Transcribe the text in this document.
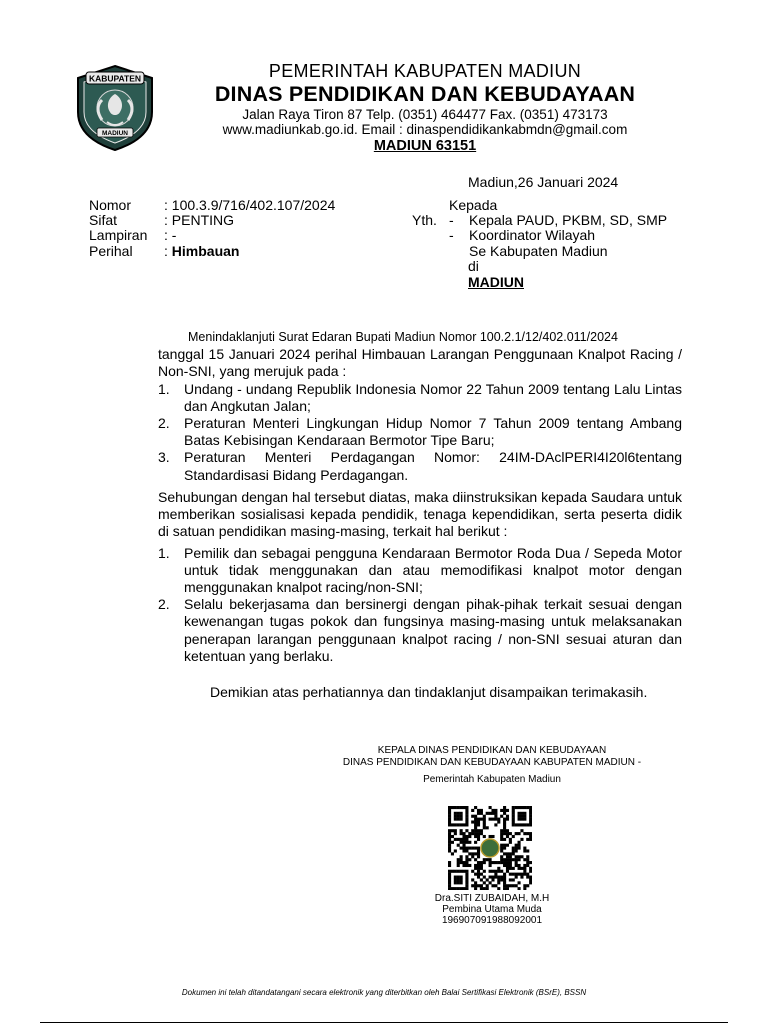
KABUPATEN
MADIUN
PEMERINTAH KABUPATEN MADIUN
DINAS PENDIDIKAN DAN KEBUDAYAAN
Jalan Raya Tiron 87 Telp. (0351) 464477 Fax. (0351) 473173
www.madiunkab.go.id. Email : dinaspendidikankabmdn@gmail.com
MADIUN 63151
Madiun,26 Januari 2024
Nomor	: 100.3.9/716/402.107/2024
Sifat	: PENTING
Lampiran	: -
Perihal	: Himbauan
Kepada
Yth. -	Kepala PAUD, PKBM, SD, SMP
-	Koordinator Wilayah
Se Kabupaten Madiun
di
MADIUN
Menindaklanjuti Surat Edaran Bupati Madiun Nomor 100.2.1/12/402.011/2024
tanggal 15 Januari 2024 perihal Himbauan Larangan Penggunaan Knalpot Racing / Non-SNI, yang merujuk pada :
1.	Undang - undang Republik Indonesia Nomor 22 Tahun 2009 tentang Lalu Lintas dan Angkutan Jalan;
2.	Peraturan Menteri Lingkungan Hidup Nomor 7 Tahun 2009 tentang Ambang Batas Kebisingan Kendaraan Bermotor Tipe Baru;
3.	Peraturan Menteri Perdagangan Nomor: 24IM-DAclPERI4I20l6tentang Standardisasi Bidang Perdagangan.
Sehubungan dengan hal tersebut diatas, maka diinstruksikan kepada Saudara untuk memberikan sosialisasi kepada pendidik, tenaga kependidikan, serta peserta didik di satuan pendidikan masing-masing, terkait hal berikut :
1.	Pemilik dan sebagai pengguna Kendaraan Bermotor Roda Dua / Sepeda Motor untuk tidak menggunakan dan atau memodifikasi knalpot motor dengan menggunakan knalpot racing/non-SNI;
2.	Selalu bekerjasama dan bersinergi dengan pihak-pihak terkait sesuai dengan kewenangan tugas pokok dan fungsinya masing-masing untuk melaksanakan penerapan larangan penggunaan knalpot racing / non-SNI sesuai aturan dan ketentuan yang berlaku.
Demikian atas perhatiannya dan tindaklanjut disampaikan terimakasih.
KEPALA DINAS PENDIDIKAN DAN KEBUDAYAAN
DINAS PENDIDIKAN DAN KEBUDAYAAN KABUPATEN MADIUN -
Pemerintah Kabupaten Madiun
Dra.SITI ZUBAIDAH, M.H
Pembina Utama Muda
196907091988092001
Dokumen ini telah ditandatangani secara elektronik yang diterbitkan oleh Balai Sertifikasi Elektronik (BSrE), BSSN
